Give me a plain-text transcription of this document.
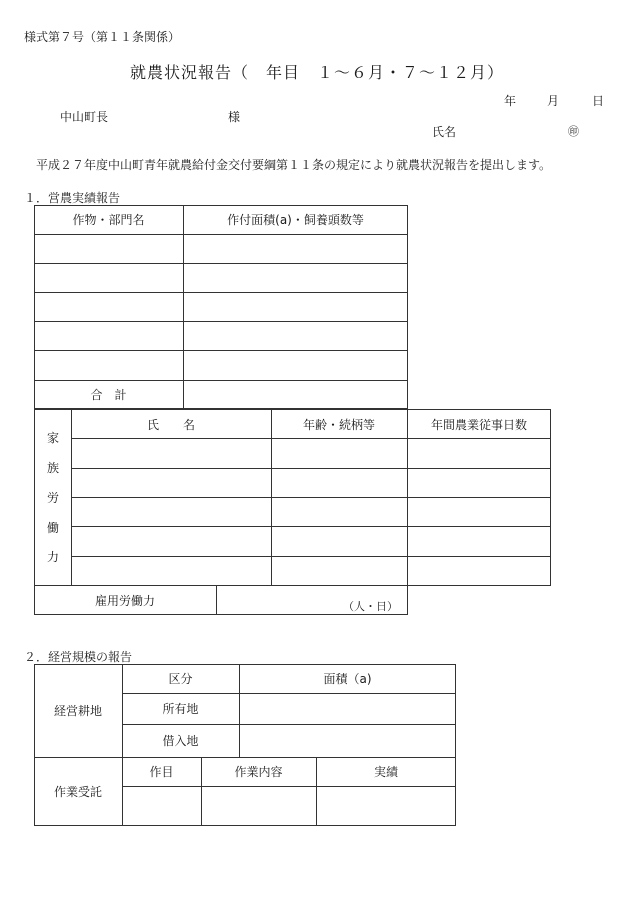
様式第７号（第１１条関係）
就農状況報告（　年目　１～６月・７～１２月）
年	月	日
中山町長	様
氏名	㊞
平成２７年度中山町青年就農給付金交付要綱第１１条の規定により就農状況報告を提出します。
１．営農実績報告
作物・部門名	作付面積(a)・飼養頭数等
合　計
家
族
労
働
力
氏　　名	年齢・続柄等	年間農業従事日数
雇用労働力	（人・日）
２．経営規模の報告
経営耕地
区分	面積（a)
所有地
借入地
作業受託
作目	作業内容	実績
